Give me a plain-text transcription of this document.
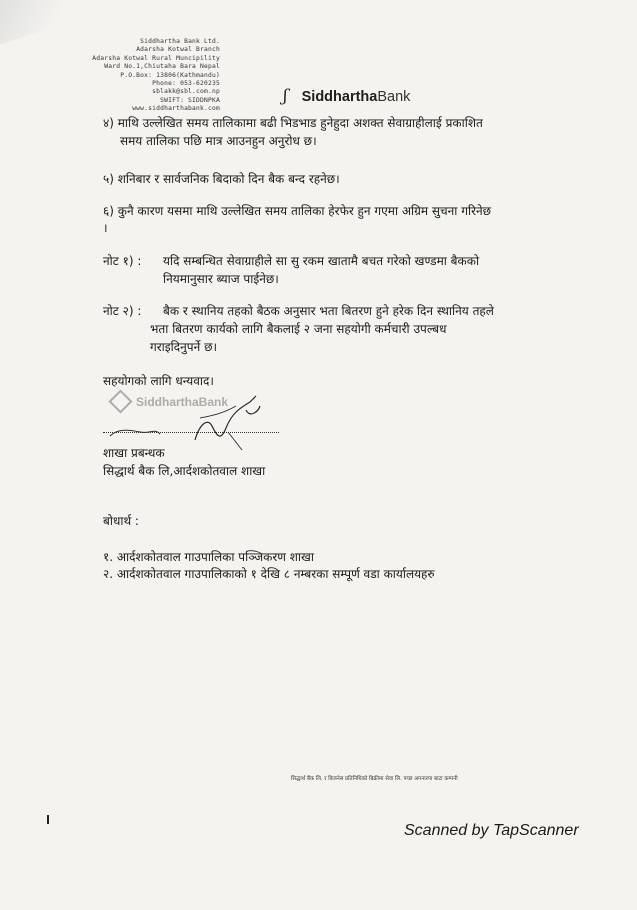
Siddhartha Bank Ltd.
Adarsha Kotwal Branch
Adarsha Kotwal Rural Muncipility
Ward No.1,Chiutaha Bara Nepal
P.O.Box: 13806(Kathmandu)
Phone: 053-620235
sblakk@sbl.com.np
SWIFT: SIDDNPKA
www.siddharthabank.com
ʃ Siddhartha Bank
४) माथि उल्लेखित समय तालिकामा बढी भिडभाड हुनेहुदा अशक्त सेवाग्राहीलाई प्रकाशित
समय तालिका पछि मात्र आउनहुन अनुरोध छ।
५) शनिबार र सार्वजनिक बिदाको दिन बैक बन्द रहनेछ।
६) कुनै कारण यसमा माथि उल्लेखित समय तालिका हेरफेर हुन गएमा अग्रिम सुचना गरिनेछ
।
नोट १) : यदि सम्बन्धित सेवाग्राहीले सा सु रकम खातामै बचत गरेको खण्डमा बैकको
नियमानुसार ब्याज पाईनेछ।
नोट २) : बैक र स्थानिय तहको बैठक अनुसार भता बितरण हुने हरेक दिन स्थानिय तहले
भता बितरण कार्यको लागि बैकलाई २ जना सहयोगी कर्मचारी उपल्बध
गराइदिनुपर्ने छ।
सहयोगको लागि धन्यवाद।
SiddharthaBank
शाखा प्रबन्धक
सिद्धार्थ बैक लि,आर्दशकोतवाल शाखा
बोधार्थ :
१. आर्दशकोतवाल गाउपालिका पञ्जिकरण शाखा
२. आर्दशकोतवाल गाउपालिकाको १ देखि ८ नम्बरका सम्पूर्ण वडा कार्यालयहरु
सिद्धार्थ बैंक लि. र बिजनेस प्रतिनिधिको बिक्रीमा सेवा लि. पच्छ अपनारपा बाटा कम्पनी
Scanned by TapScanner
